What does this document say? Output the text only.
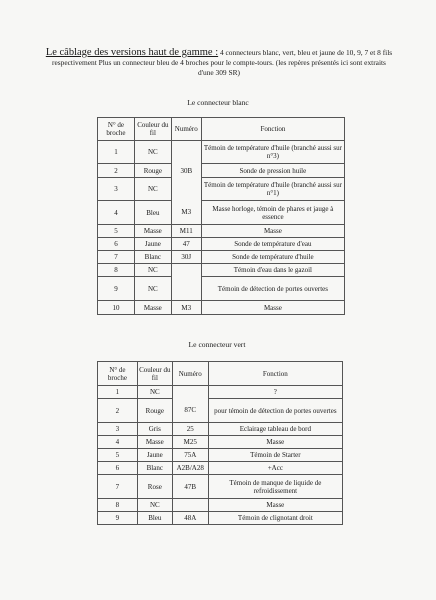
Le câblage des versions haut de gamme : 4 connecteurs blanc, vert, bleu et jaune de 10, 9, 7 et 8 fils respectivement Plus un connecteur bleu de 4 broches pour le compte-tours. (les repères présentés ici sont extraits d'une 309 SR)
Le connecteur blanc
N° de broche	Couleur du fil	Numéro	Fonction
1	NC		Témoin de température d'huile (branché aussi sur n°3)
2	Rouge	30B	Sonde de pression huile
3	NC		Témoin de température d'huile (branché aussi sur n°1)
4	Bleu	M3	Masse horloge, témoin de phares et jauge à essence
5	Masse	M11	Masse
6	Jaune	47	Sonde de température d'eau
7	Blanc	30J	Sonde de température d'huile
8	NC		Témoin d'eau dans le gazoil
9	NC		Témoin de détection de portes ouvertes
10	Masse	M3	Masse
Le connecteur vert
N° de broche	Couleur du fil	Numéro	Fonction
1	NC		?
2	Rouge	87C	pour témoin de détection de portes ouvertes
3	Gris	25	Eclairage tableau de bord
4	Masse	M25	Masse
5	Jaune	75A	Témoin de Starter
6	Blanc	A2B/A28	+Acc
7	Rose	47B	Témoin de manque de liquide de refroidissement
8	NC		Masse
9	Bleu	48A	Témoin de clignotant droit
